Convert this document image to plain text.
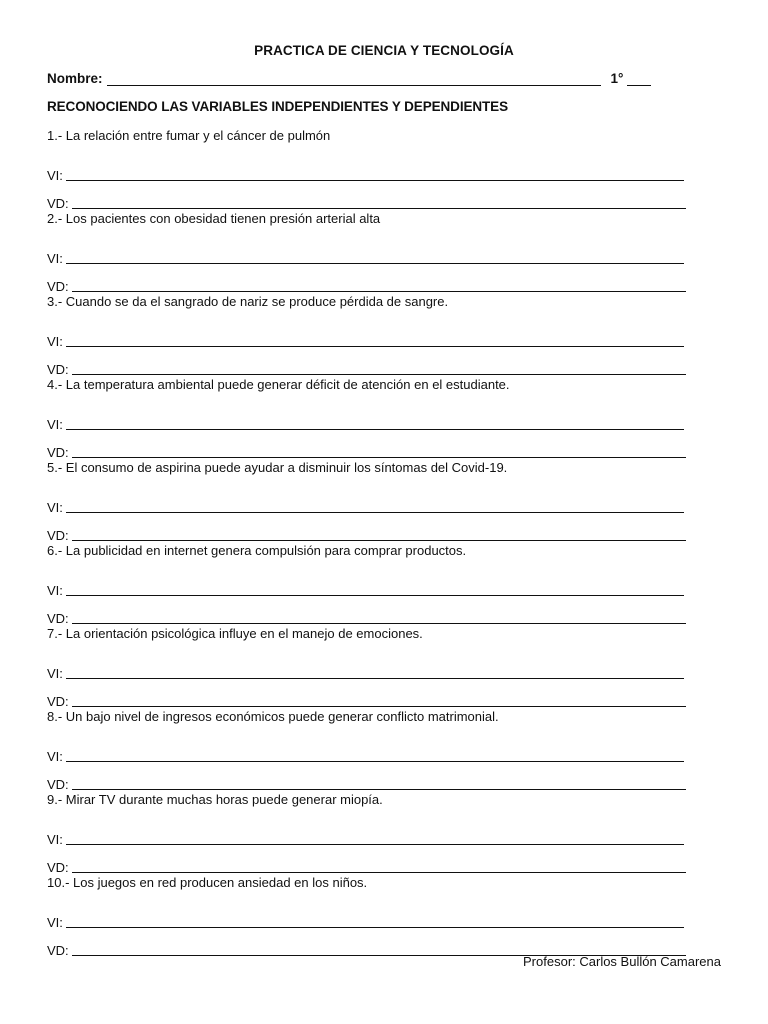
PRACTICA DE CIENCIA Y TECNOLOGÍA
Nombre:	1°
RECONOCIENDO LAS VARIABLES INDEPENDIENTES Y DEPENDIENTES
1.- La relación entre fumar y el cáncer de pulmón
VI:
VD:
2.- Los pacientes con obesidad tienen presión arterial alta
VI:
VD:
3.- Cuando se da el sangrado de nariz se produce pérdida de sangre.
VI:
VD:
4.- La temperatura ambiental puede generar déficit de atención en el estudiante.
VI:
VD:
5.- El consumo de aspirina puede ayudar a disminuir los síntomas del Covid-19.
VI:
VD:
6.- La publicidad en internet genera compulsión para comprar productos.
VI:
VD:
7.- La orientación psicológica influye en el manejo de emociones.
VI:
VD:
8.- Un bajo nivel de ingresos económicos puede generar conflicto matrimonial.
VI:
VD:
9.- Mirar TV durante muchas horas puede generar miopía.
VI:
VD:
10.- Los juegos en red producen ansiedad en los niños.
VI:
VD:
Profesor: Carlos Bullón Camarena
